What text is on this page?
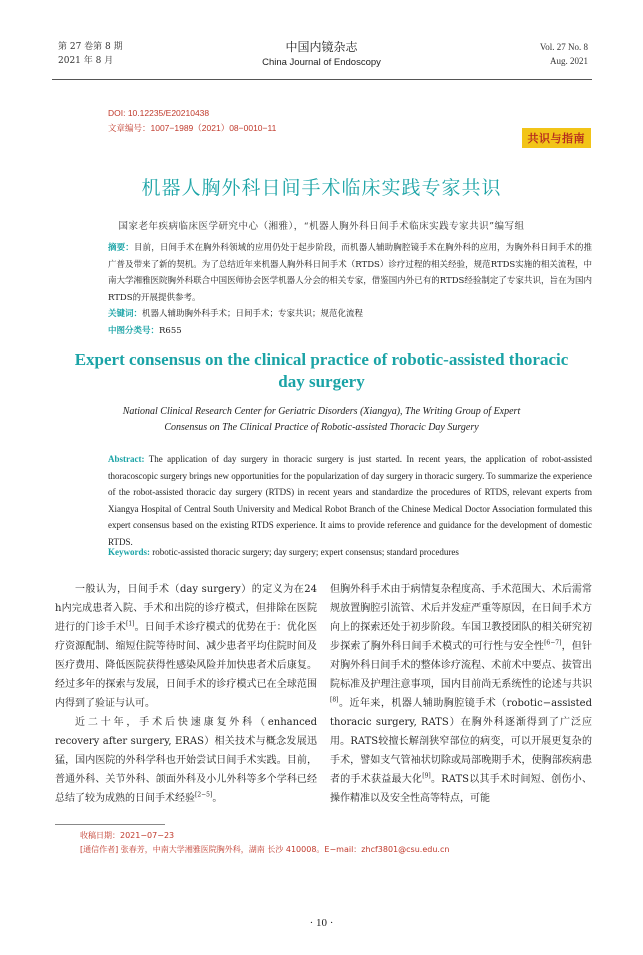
第 27 卷第 8 期
2021 年 8 月
中国内镜杂志
China Journal of Endoscopy
Vol. 27 No. 8
Aug. 2021
DOI: 10.12235/E20210438
文章编号：1007−1989（2021）08−0010−11
共识与指南
机器人胸外科日间手术临床实践专家共识
国家老年疾病临床医学研究中心（湘雅），“机器人胸外科日间手术临床实践专家共识”编写组
摘要：目前，日间手术在胸外科领域的应用仍处于起步阶段，而机器人辅助胸腔镜手术在胸外科的应用，为胸外科日间手术的推广普及带来了新的契机。为了总结近年来机器人胸外科日间手术（RTDS）诊疗过程的相关经验，规范RTDS实施的相关流程，中南大学湘雅医院胸外科联合中国医师协会医学机器人分会的相关专家，借鉴国内外已有的RTDS经验制定了专家共识，旨在为国内RTDS的开展提供参考。
关键词：机器人辅助胸外科手术；日间手术；专家共识；规范化流程
中图分类号：R655
Expert consensus on the clinical practice of robotic-assisted thoracic
day surgery
National Clinical Research Center for Geriatric Disorders (Xiangya), The Writing Group of Expert
Consensus on The Clinical Practice of Robotic-assisted Thoracic Day Surgery
Abstract: The application of day surgery in thoracic surgery is just started. In recent years, the application of robot-assisted thoracoscopic surgery brings new opportunities for the popularization of day surgery in thoracic surgery. To summarize the experience of the robot-assisted thoracic day surgery (RTDS) in recent years and standardize the procedures of RTDS, relevant experts from Xiangya Hospital of Central South University and Medical Robot Branch of the Chinese Medical Doctor Association formulated this expert consensus based on the existing RTDS experience. It aims to provide reference and guidance for the development of domestic RTDS.
Keywords: robotic-assisted thoracic surgery; day surgery; expert consensus; standard procedures

一般认为，日间手术（day surgery）的定义为在24 h内完成患者入院、手术和出院的诊疗模式，但排除在医院进行的门诊手术[1]。日间手术诊疗模式的优势在于：优化医疗资源配制、缩短住院等待时间、减少患者平均住院时间及医疗费用、降低医院获得性感染风险并加快患者术后康复。经过多年的探索与发展，日间手术的诊疗模式已在全球范围内得到了验证与认可。

近二十年，手术后快速康复外科（enhanced recovery after surgery, ERAS）相关技术与概念发展迅猛，国内医院的外科学科也开始尝试日间手术实践。目前，普通外科、关节外科、颌面外科及小儿外科等多个学科已经总结了较为成熟的日间手术经验[2−5]。

但胸外科手术由于病情复杂程度高、手术范围大、术后需常规放置胸腔引流管、术后并发症严重等原因，在日间手术方向上的探索还处于初步阶段。车国卫教授团队的相关研究初步探索了胸外科日间手术模式的可行性与安全性[6−7]，但针对胸外科日间手术的整体诊疗流程、术前术中要点、拔管出院标准及护理注意事项，国内目前尚无系统性的论述与共识[8]。近年来，机器人辅助胸腔镜手术（robotic−assisted thoracic surgery, RATS）在胸外科逐渐得到了广泛应用。RATS较擅长解剖狭窄部位的病变，可以开展更复杂的手术，譬如支气管袖状切除或局部晚期手术，使胸部疾病患者的手术获益最大化[9]。RATS以其手术时间短、创伤小、操作精准以及安全性高等特点，可能

收稿日期：2021−07−23
[通信作者] 张春芳，中南大学湘雅医院胸外科，湖南 长沙 410008。E−mail：zhcf3801@csu.edu.cn
· 10 ·
